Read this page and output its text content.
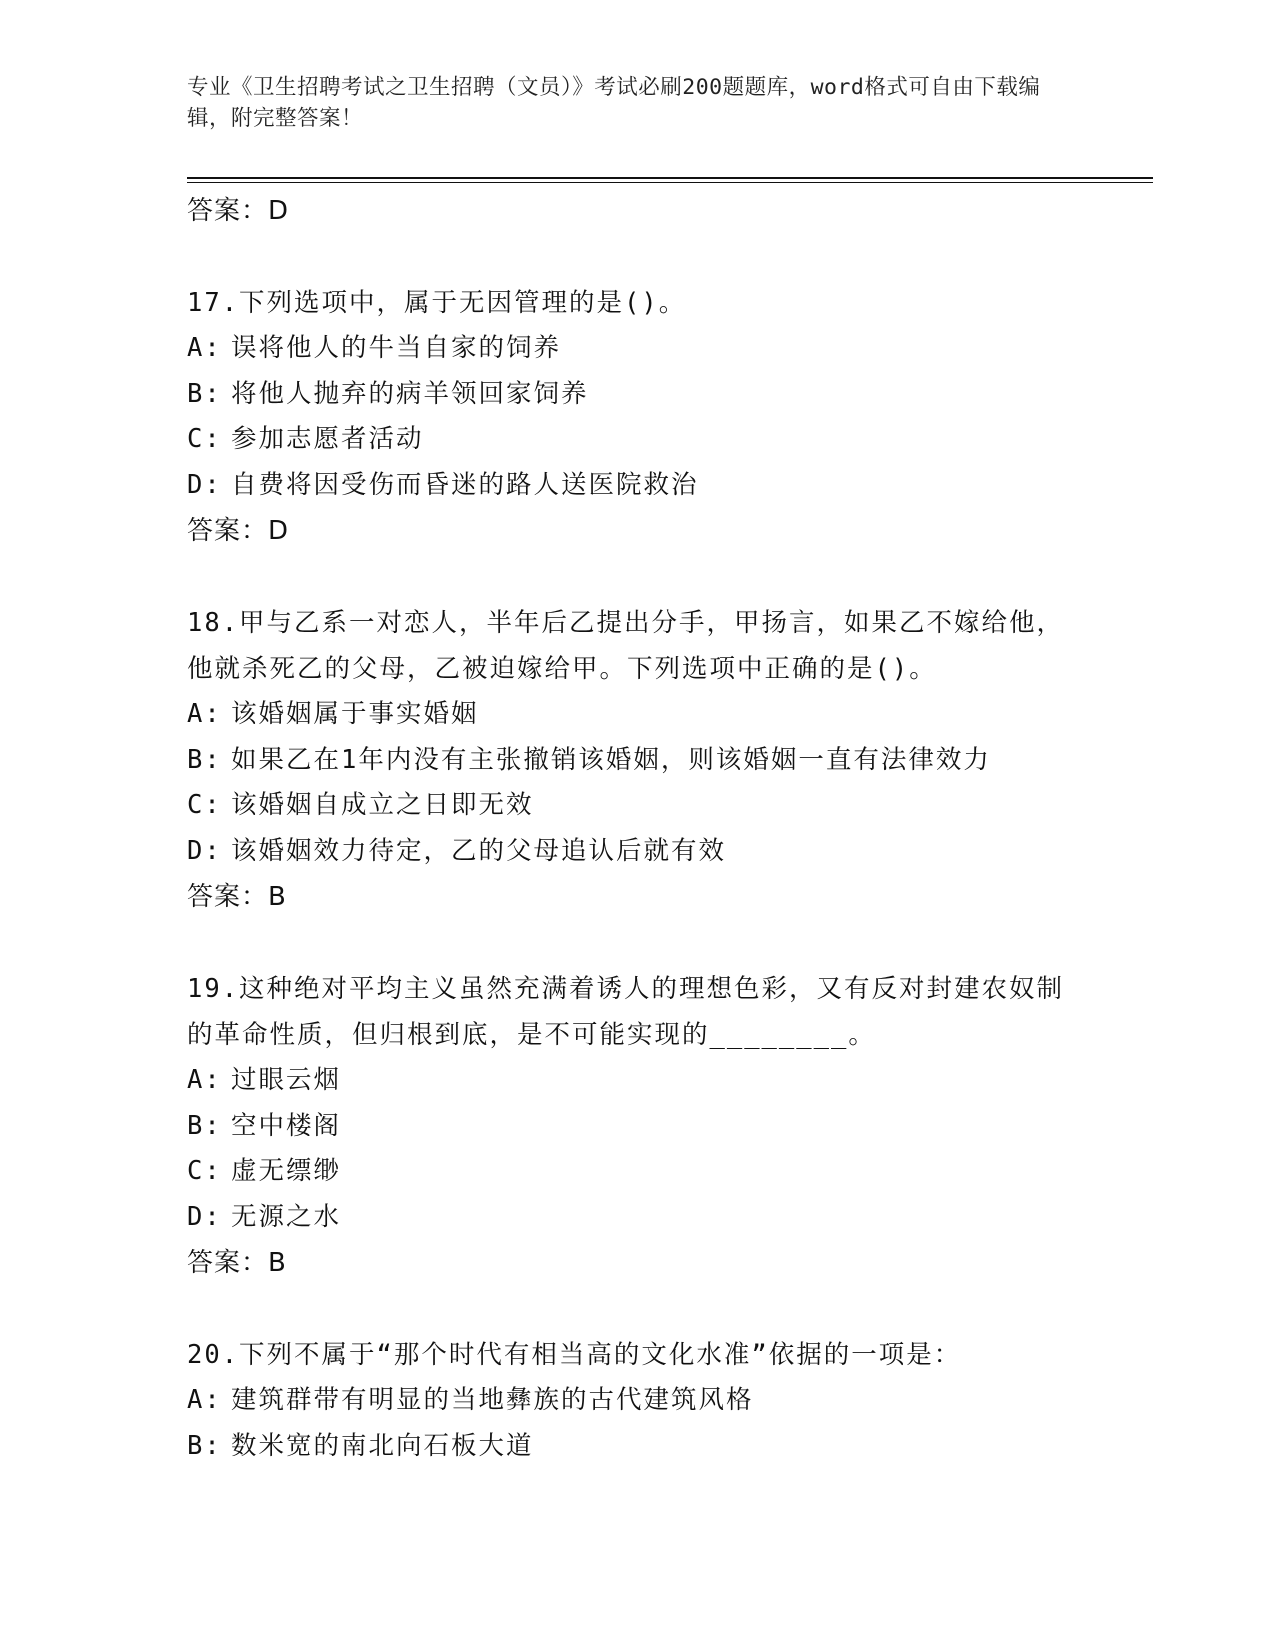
专业《卫生招聘考试之卫生招聘（文员）》考试必刷200题题库，word格式可自由下载编辑，附完整答案！

答案：D

17.下列选项中，属于无因管理的是()。

A: 误将他人的牛当自家的饲养

B: 将他人抛弃的病羊领回家饲养

C: 参加志愿者活动

D: 自费将因受伤而昏迷的路人送医院救治

答案：D

18.甲与乙系一对恋人，半年后乙提出分手，甲扬言，如果乙不嫁给他，他就杀死乙的父母，乙被迫嫁给甲。下列选项中正确的是()。

A: 该婚姻属于事实婚姻

B: 如果乙在1年内没有主张撤销该婚姻，则该婚姻一直有法律效力

C: 该婚姻自成立之日即无效

D: 该婚姻效力待定，乙的父母追认后就有效

答案：B

19.这种绝对平均主义虽然充满着诱人的理想色彩，又有反对封建农奴制的革命性质，但归根到底，是不可能实现的________。

A: 过眼云烟

B: 空中楼阁

C: 虚无缥缈

D: 无源之水

答案：B

20.下列不属于“那个时代有相当高的文化水准”依据的一项是：

A: 建筑群带有明显的当地彝族的古代建筑风格

B: 数米宽的南北向石板大道
